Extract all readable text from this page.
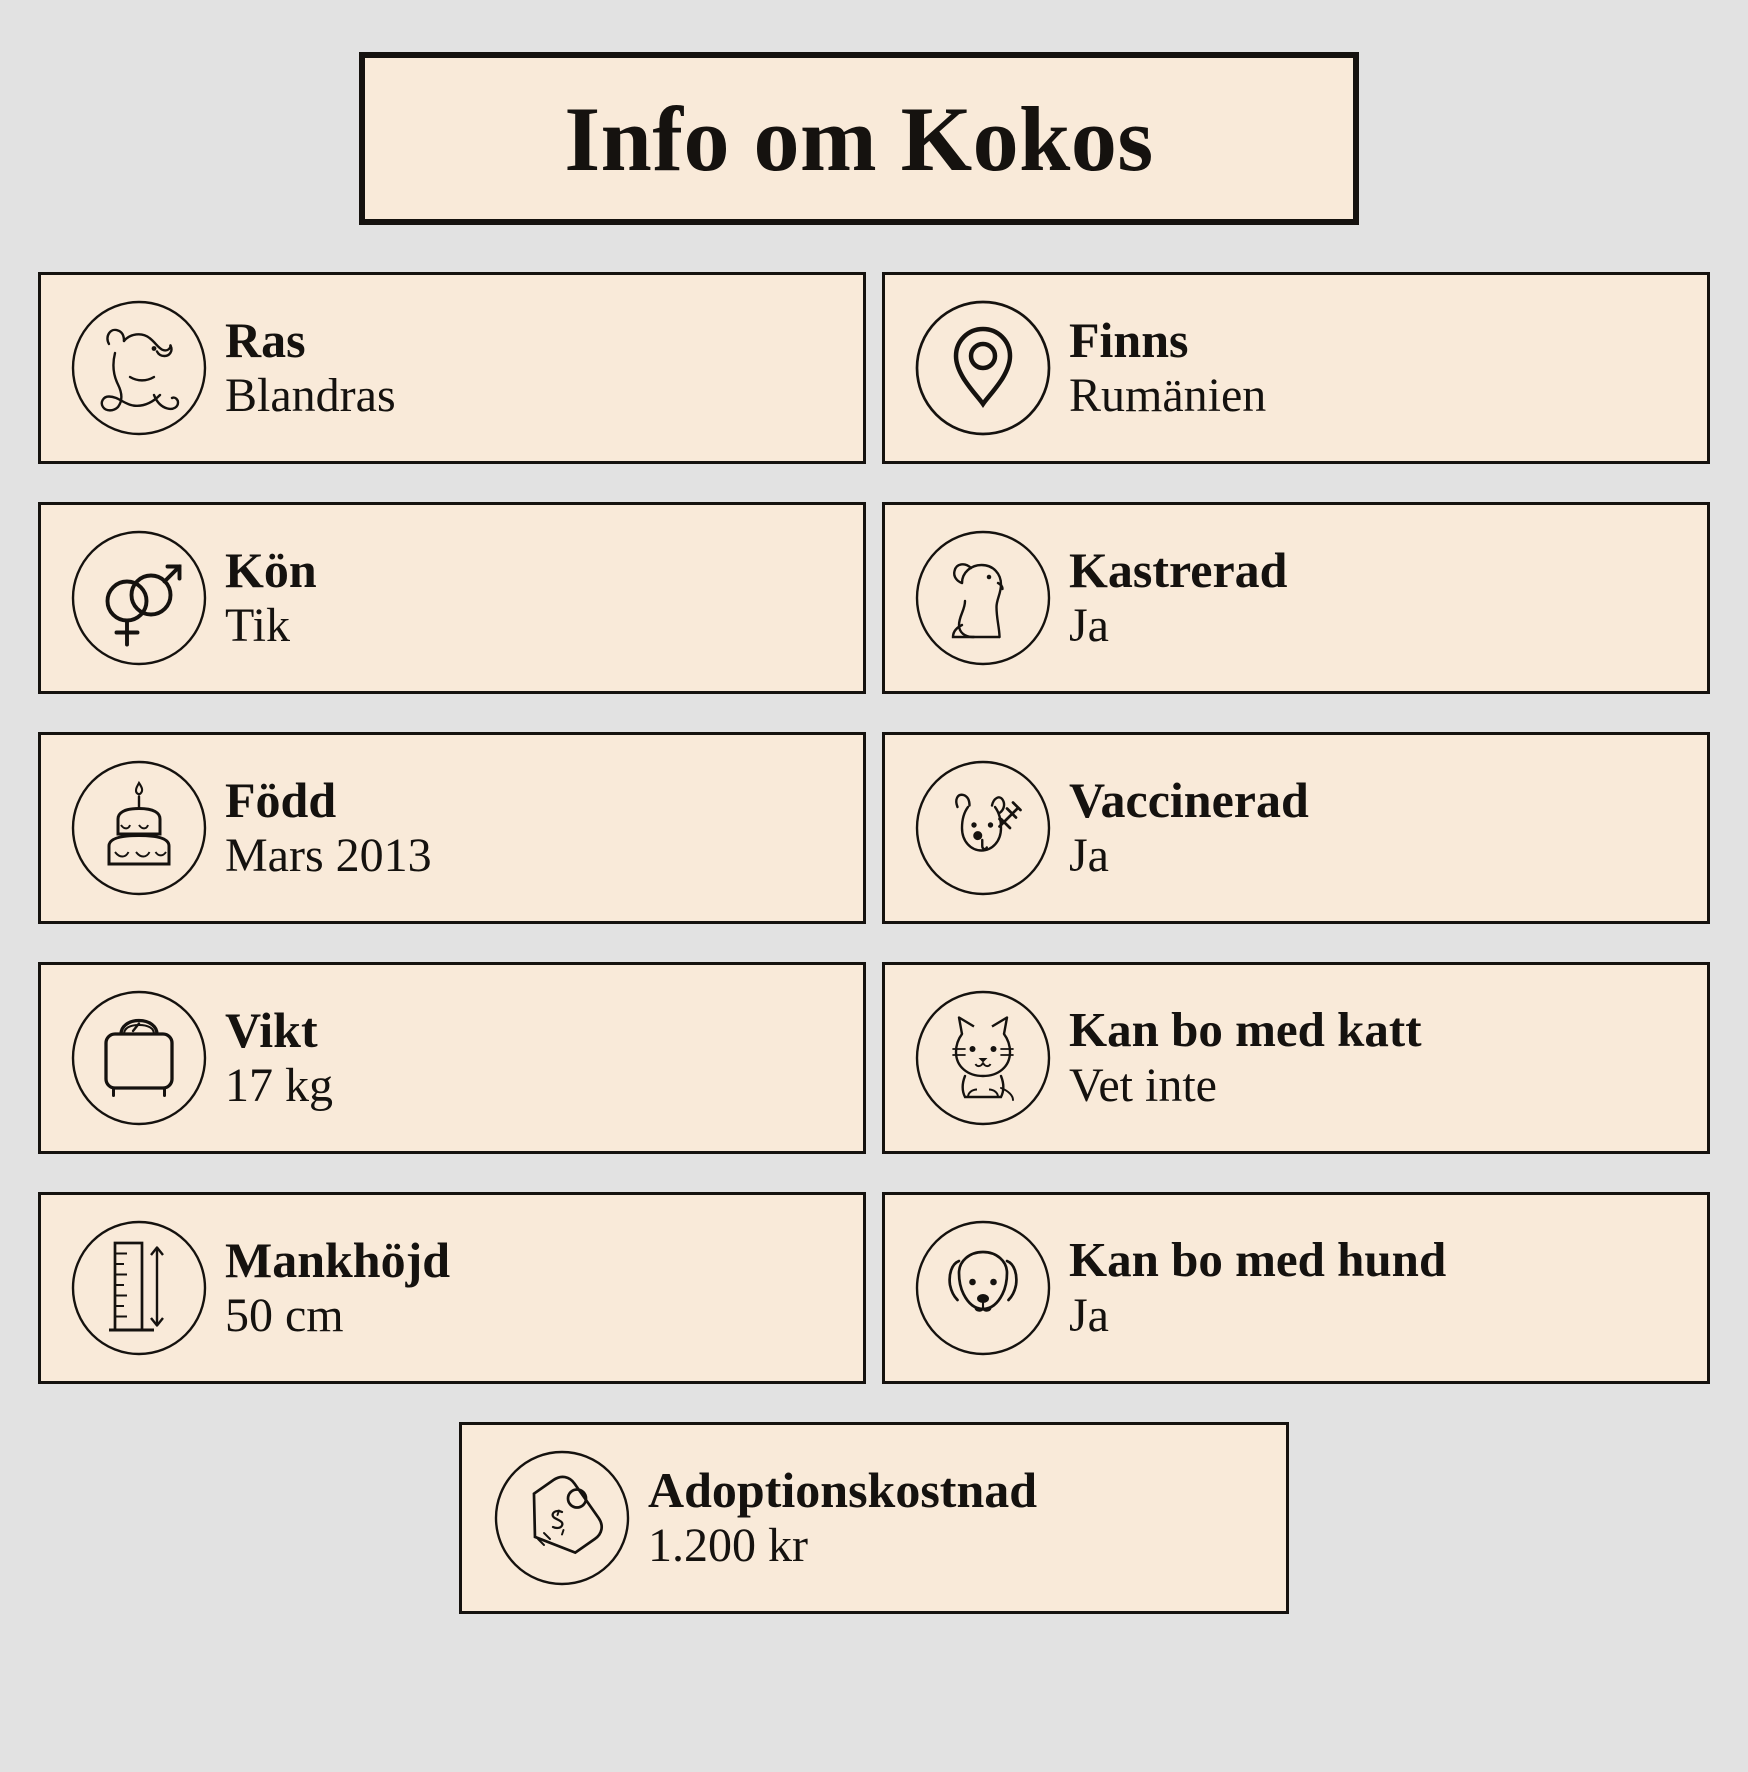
Info om Kokos
Ras
Blandras
Finns
Rumänien
Kön
Tik
Kastrerad
Ja
Född
Mars 2013
Vaccinerad
Ja
Vikt
17 kg
Kan bo med katt
Vet inte
Mankhöjd
50 cm
Kan bo med hund
Ja
Adoptionskostnad
1.200 kr
